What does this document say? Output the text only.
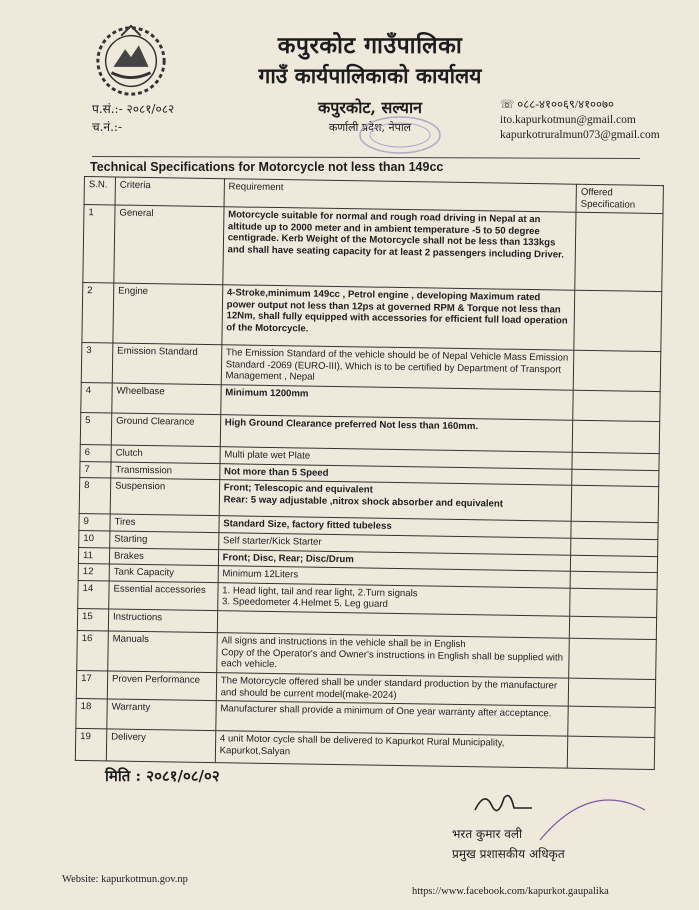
कपुरकोट गाउँपालिका
गाउँ कार्यपालिकाको कार्यालय
कपुरकोट, सल्यान
कर्णाली प्रदेश, नेपाल
प.सं.:- २०८१/०८२
च.नं.:-
☏ ०८८-४१००६९/४१००७०
ito.kapurkotmun@gmail.com
kapurkotruralmun073@gmail.com
Technical Specifications for Motorcycle not less than 149cc
S.N.	Criteria	Requirement	Offered Specification
1	General	Motorcycle suitable for normal and rough road driving in Nepal at an altitude up to 2000 meter and in ambient temperature -5 to 50 degree centigrade. Kerb Weight of the Motorcycle shall not be less than 133kgs and shall have seating capacity for at least 2 passengers including Driver.	

2	Engine	4-Stroke,minimum 149cc , Petrol engine , developing Maximum rated power output not less than 12ps at governed RPM & Torque not less than 12Nm, shall fully equipped with accessories for efficient full load operation of the Motorcycle.	

3	Emission Standard	The Emission Standard of the vehicle should be of Nepal Vehicle Mass Emission Standard -2069 (EURO-III), Which is to be certified by Department of Transport Management , Nepal	

4	Wheelbase	Minimum 1200mm	

5	Ground Clearance	High Ground Clearance preferred Not less than 160mm.	

6	Clutch	Multi plate wet Plate	

7	Transmission	Not more than 5 Speed	

8	Suspension	Front; Telescopic and equivalent
Rear: 5 way adjustable ,nitrox shock absorber and equivalent	

9	Tires	Standard Size, factory fitted tubeless	

10	Starting	Self starter/Kick Starter	

11	Brakes	Front; Disc, Rear; Disc/Drum	

12	Tank Capacity	Minimum 12Liters	

14	Essential accessories	1. Head light, tail and rear light, 2.Turn signals
3. Speedometer 4.Helmet 5. Leg guard	

15	Instructions	

16	Manuals	All signs and instructions in the vehicle shall be in English
Copy of the Operator's and Owner's instructions in English shall be supplied with each vehicle.	

17	Proven Performance	The Motorcycle offered shall be under standard production by the manufacturer and should be current model(make-2024)	

18	Warranty	Manufacturer shall provide a minimum of One year warranty after acceptance.	

19	Delivery	4 unit Motor cycle shall be delivered to Kapurkot Rural Municipality, Kapurkot,Salyan	

मिति : २०८१/०८/०२
भरत कुमार वली
प्रमुख प्रशासकीय अधिकृत
Website: kapurkotmun.gov.np
https://www.facebook.com/kapurkot.gaupalika
